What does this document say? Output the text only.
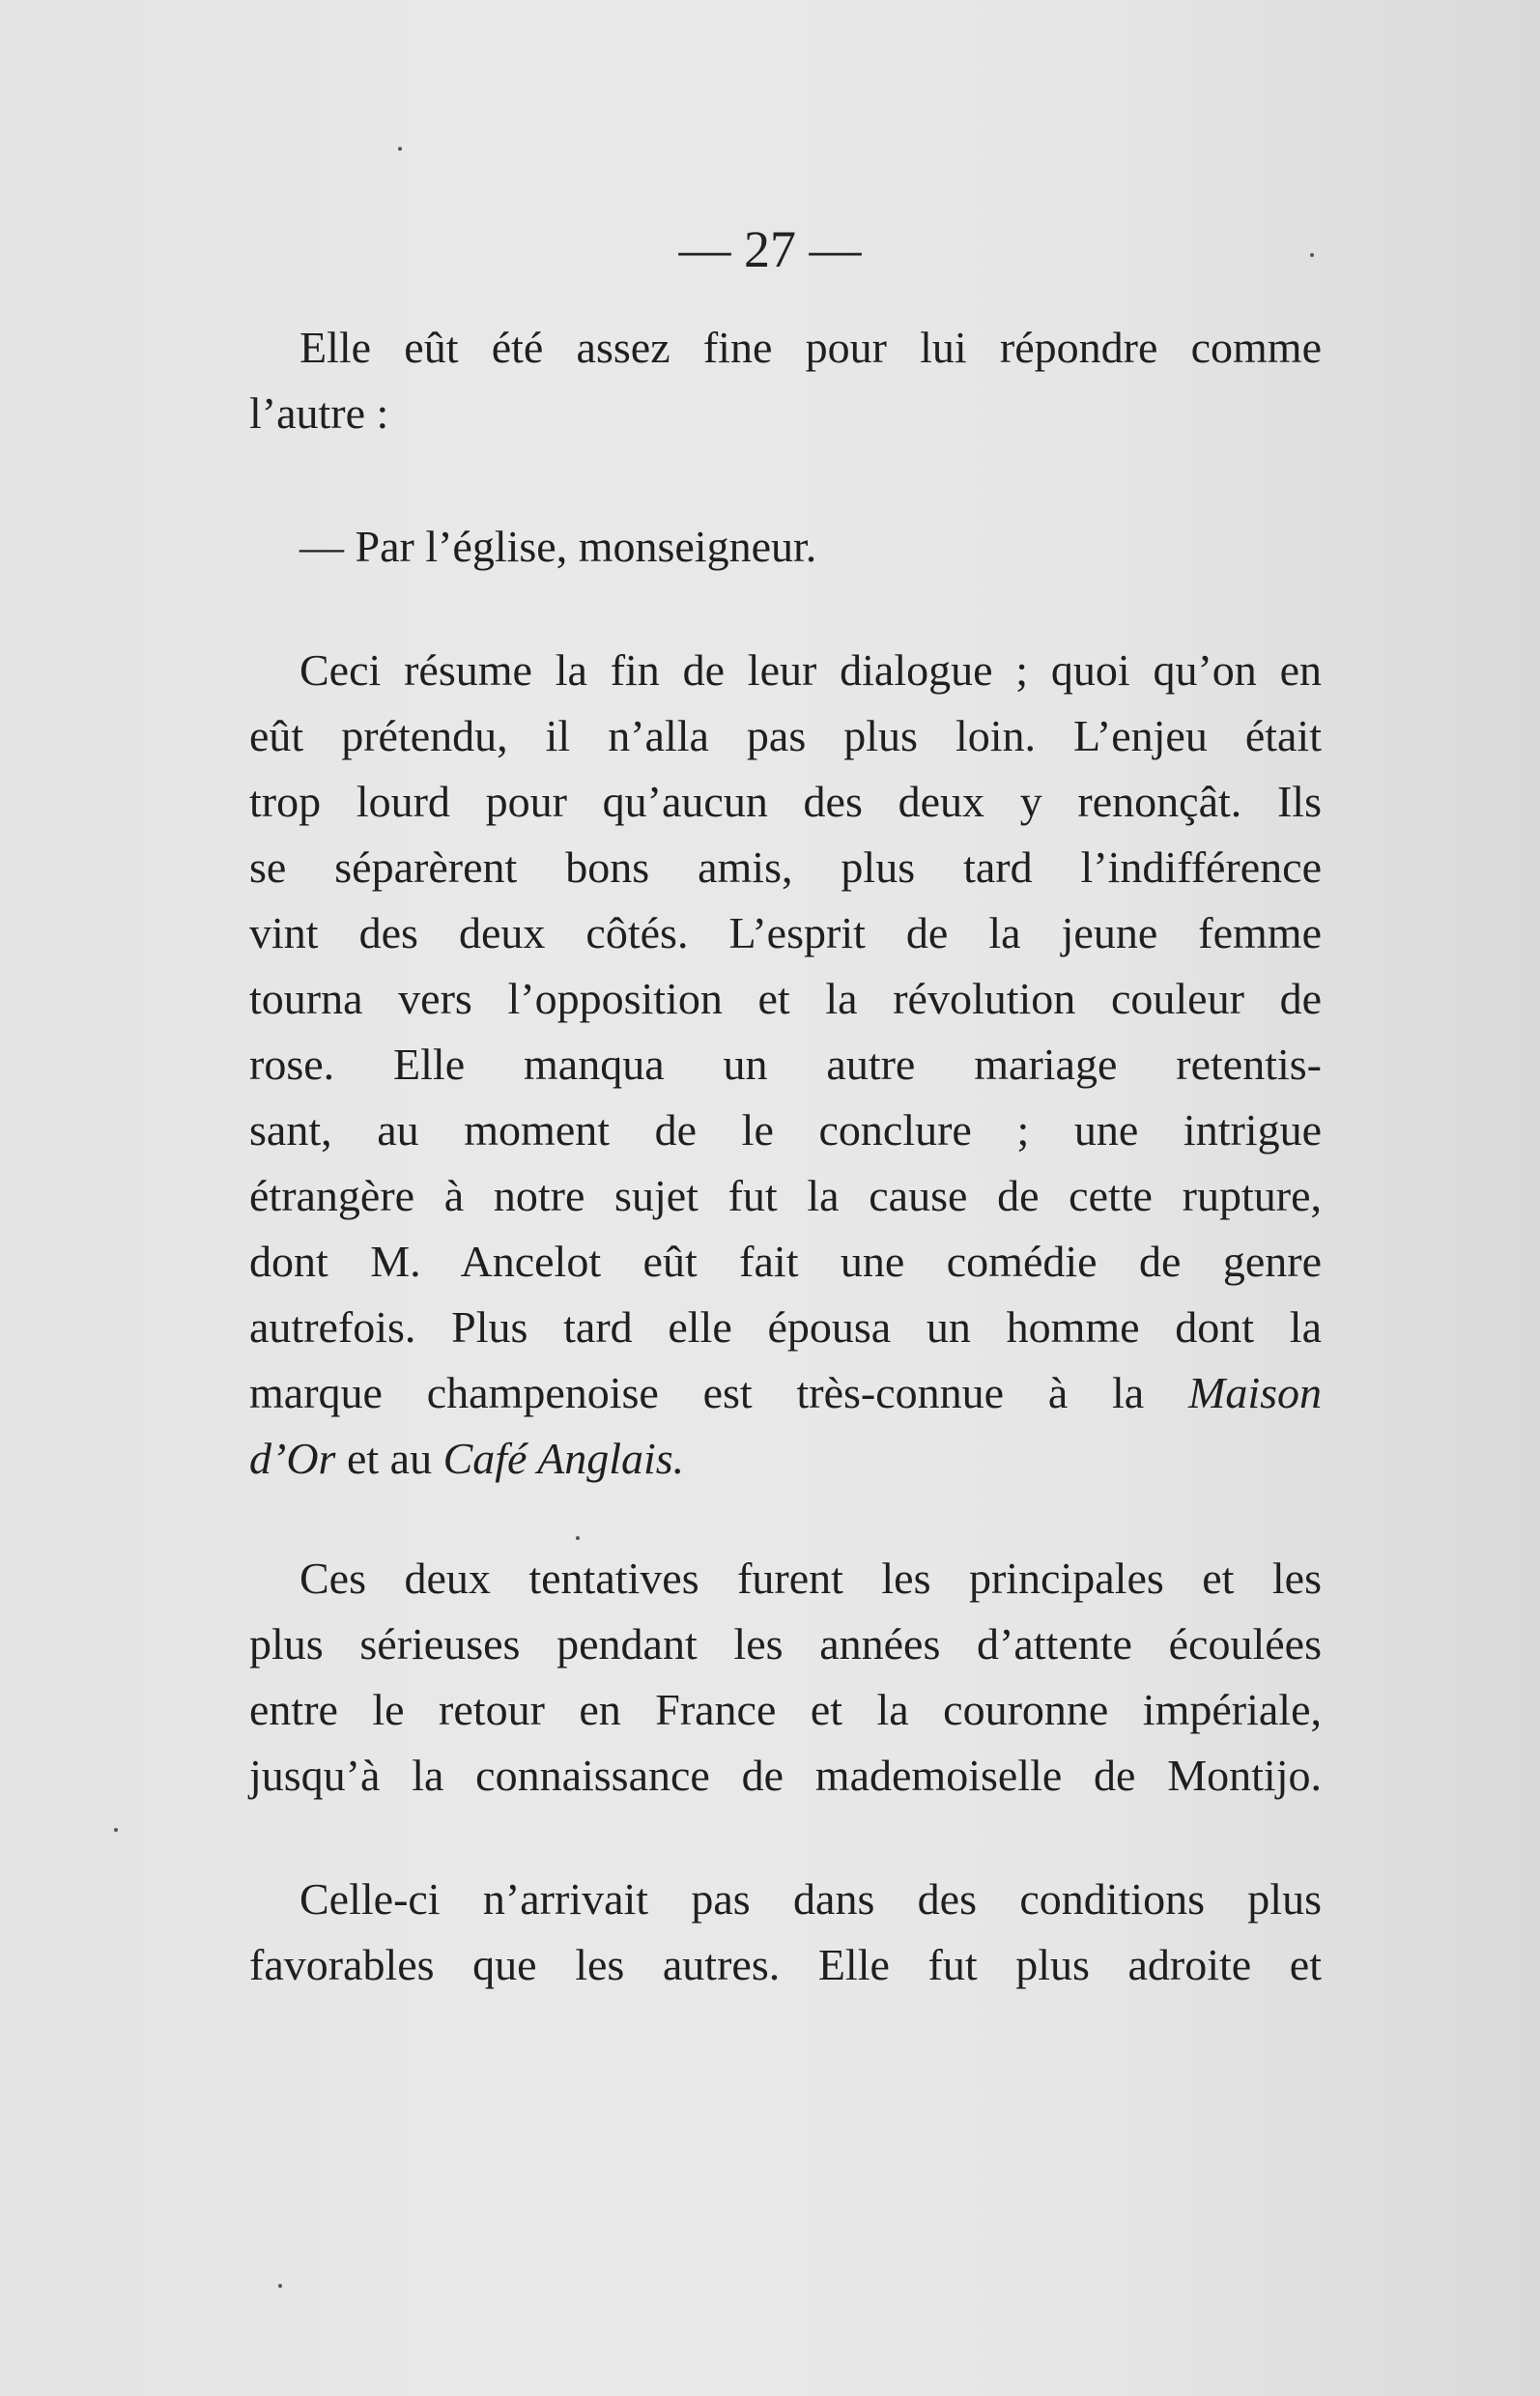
— 27 —
Elle eût été assez fine pour lui répondre comme
l’autre :
— Par l’église, monseigneur.
Ceci résume la fin de leur dialogue ; quoi qu’on en
eût prétendu, il n’alla pas plus loin. L’enjeu était
trop lourd pour qu’aucun des deux y renonçât. Ils
se séparèrent bons amis, plus tard l’indifférence
vint des deux côtés. L’esprit de la jeune femme
tourna vers l’opposition et la révolution couleur de
rose. Elle manqua un autre mariage retentis-
sant, au moment de le conclure ; une intrigue
étrangère à notre sujet fut la cause de cette rupture,
dont M. Ancelot eût fait une comédie de genre
autrefois. Plus tard elle épousa un homme dont la
marque champenoise est très-connue à la Maison
d’Or et au Café Anglais.
Ces deux tentatives furent les principales et les
plus sérieuses pendant les années d’attente écoulées
entre le retour en France et la couronne impériale,
jusqu’à la connaissance de mademoiselle de Montijo.
Celle-ci n’arrivait pas dans des conditions plus
favorables que les autres. Elle fut plus adroite et
